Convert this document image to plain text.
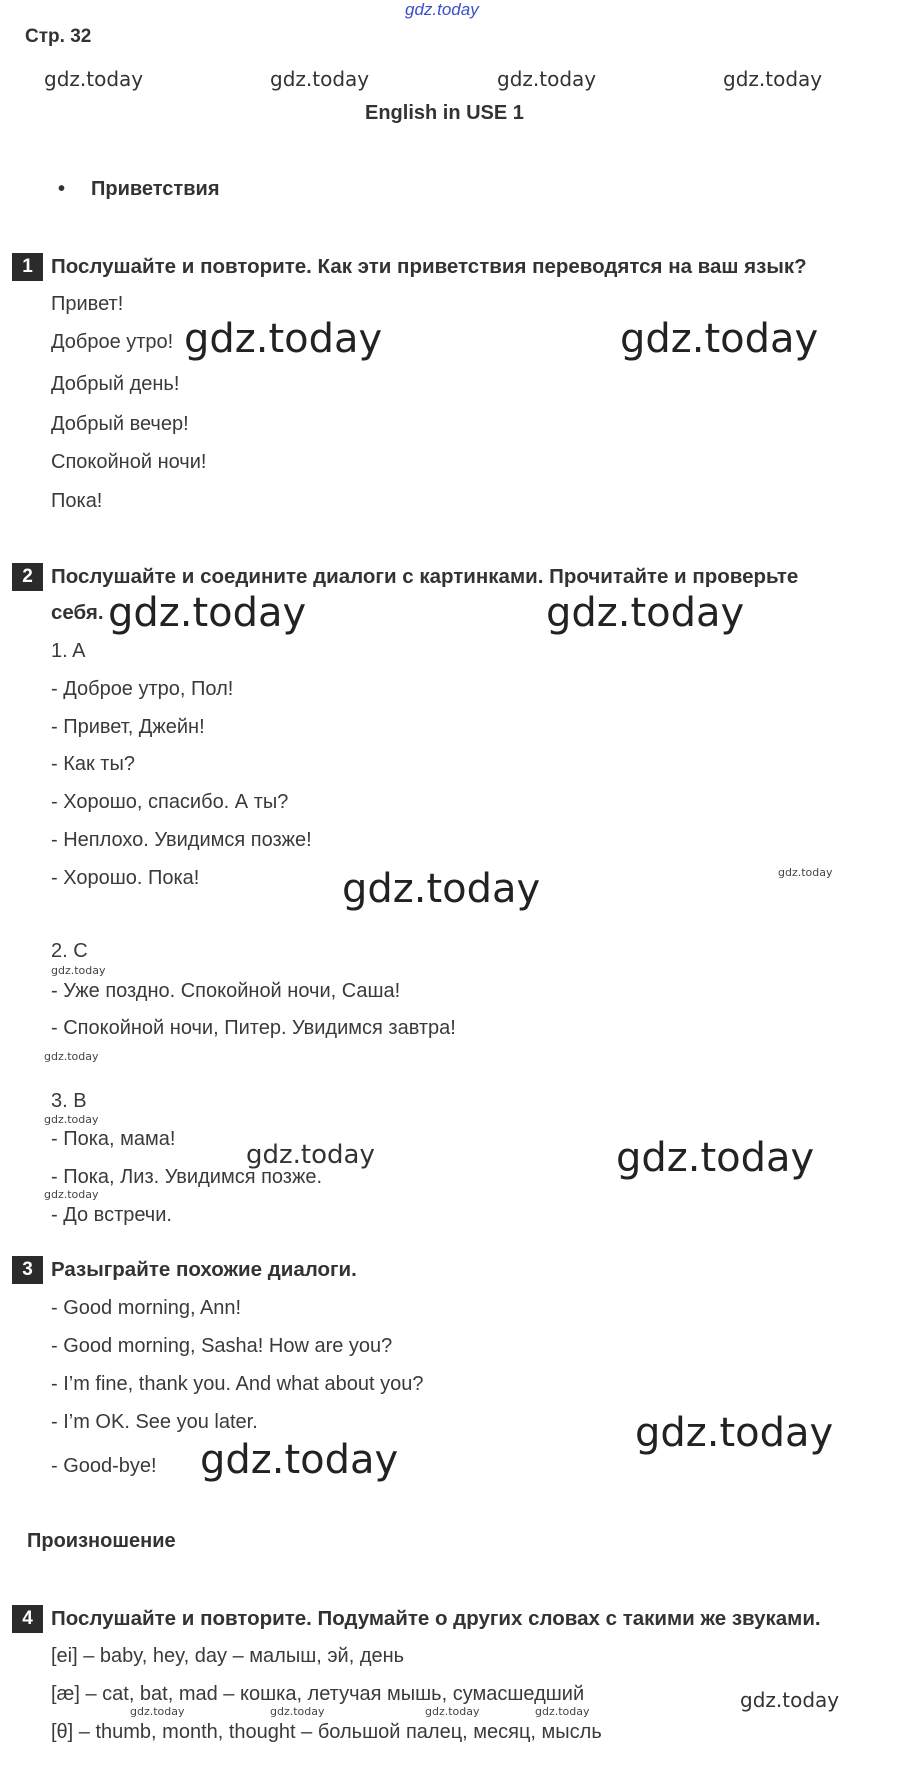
gdz.today
Стр. 32
gdz.today	gdz.today	gdz.today	gdz.today
English in USE 1
• Приветствия
1 Послушайте и повторите. Как эти приветствия переводятся на ваш язык?
Привет!
Доброе утро!
Добрый день!
Добрый вечер!
Спокойной ночи!
Пока!
gdz.today	gdz.today
2 Послушайте и соедините диалоги с картинками. Прочитайте и проверьте
себя. gdz.today	gdz.today
1. A
- Доброе утро, Пол!
- Привет, Джейн!
- Как ты?
- Хорошо, спасибо. А ты?
- Неплохо. Увидимся позже!
- Хорошо. Пока!	gdz.today	gdz.today
2. C
gdz.today
- Уже поздно. Спокойной ночи, Саша!
- Спокойной ночи, Питер. Увидимся завтра!
gdz.today
3. B
gdz.today
- Пока, мама!
- Пока, Лиз. Увидимся позже.
gdz.today
- До встречи.
gdz.today	gdz.today
3 Разыграйте похожие диалоги.
- Good morning, Ann!
- Good morning, Sasha! How are you?
- I’m fine, thank you. And what about you?
- I’m OK. See you later.
- Good-bye!
gdz.today
gdz.today
Произношение
4 Послушайте и повторите. Подумайте о других словах с такими же звуками.
[ei] – baby, hey, day – малыш, эй, день
[æ] – cat, bat, mad – кошка, летучая мышь, сумасшедший
[θ] – thumb, month, thought – большой палец, месяц, мысль
gdz.today
gdz.today	gdz.today	gdz.today	gdz.today
